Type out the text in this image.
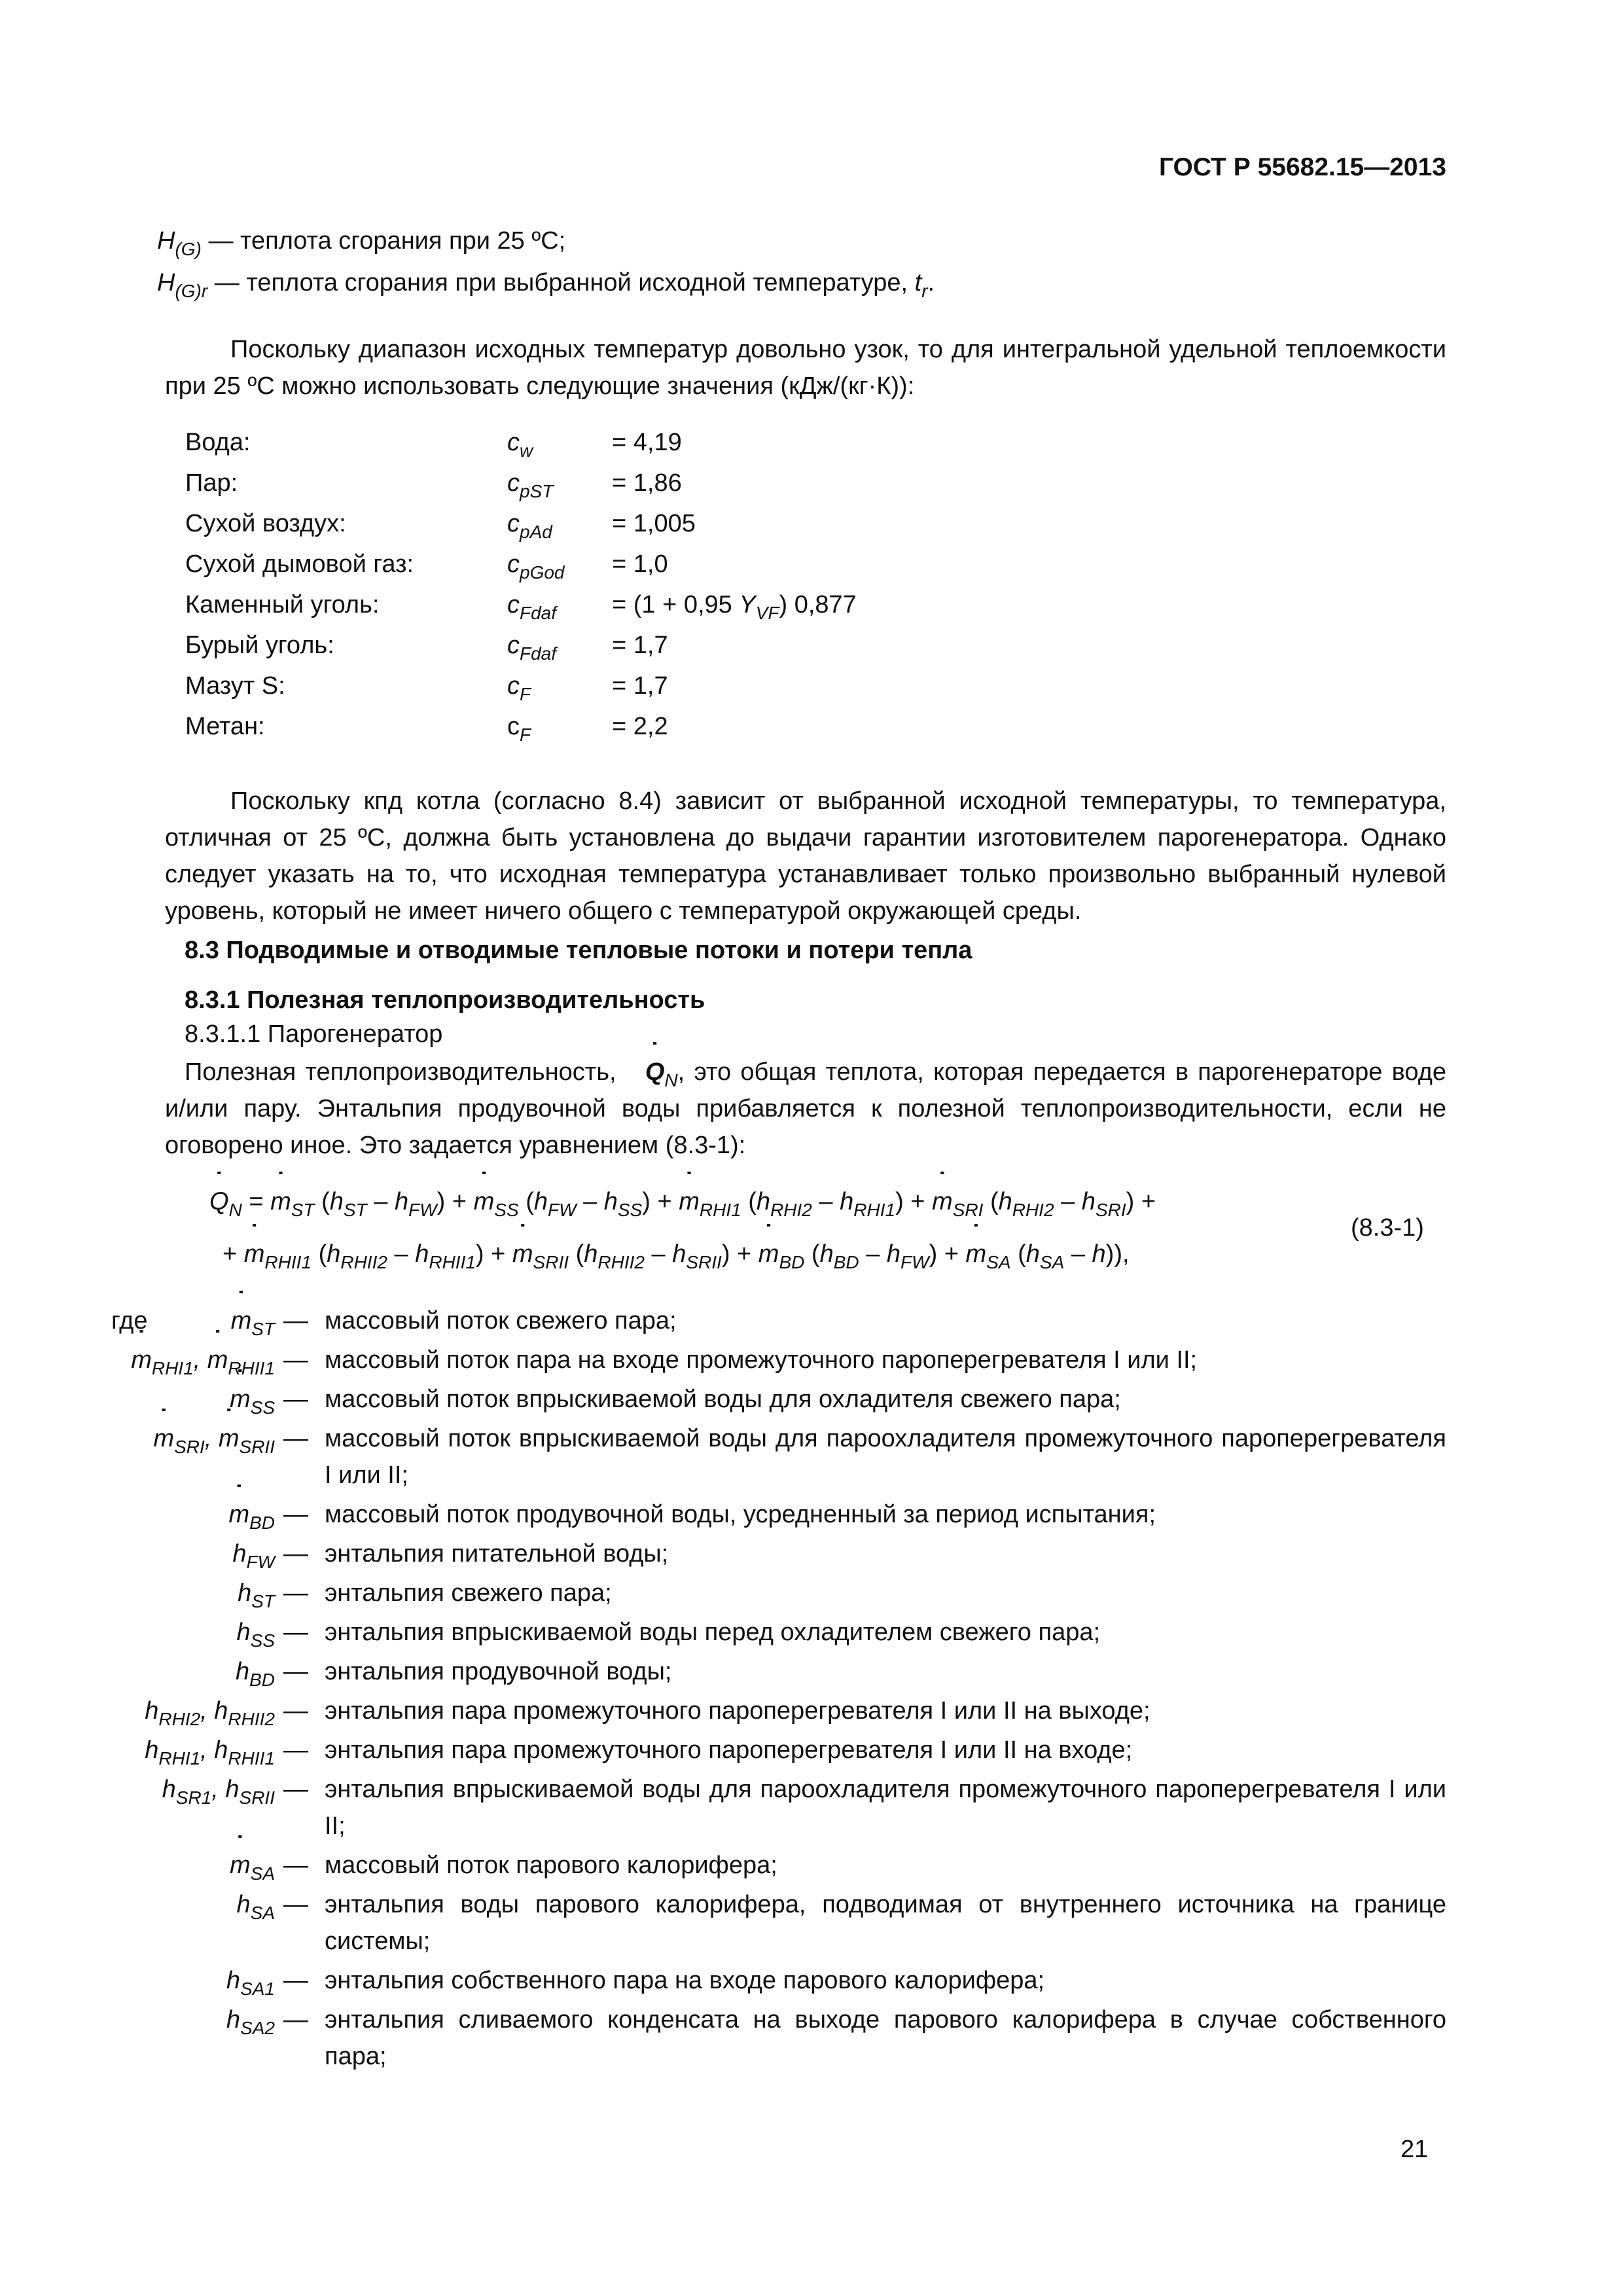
ГОСТ Р 55682.15—2013
$H_{(G)}$ — теплота сгорания при 25 ºС;
$H_{(G)r}$ — теплота сгорания при выбранной исходной температуре, $t_r$.
Поскольку диапазон исходных температур довольно узок, то для интегральной удельной теплоемкости при 25 ºС можно использовать следующие значения (кДж/(кг·К)):
Вода:	$c_w$	= 4,19
Пар:	$c_{pST} = 1,86$
Сухой воздух:	$c_{pAd} = 1,005$
Сухой дымовой газ:	$c_{pGod} = 1,0$
Каменный уголь:	$c_{Fdaf} = (1 + 0,95$ $Y_{VF}$) 0,877
Бурый уголь:	$c_{Fdaf} = 1,7$
Мазут S:	$c_F$	= 1,7
Метан:	$c_F$	= 2,2
Поскольку кпд котла (согласно 8.4) зависит от выбранной исходной температуры, то температура, отличная от 25 ºС, должна быть установлена до выдачи гарантии изготовителем парогенератора. Однако следует указать на то, что исходная температура устанавливает только произвольно выбранный нулевой уровень, который не имеет ничего общего с температурой окружающей среды.
8.3 Подводимые и отводимые тепловые потоки и потери тепла
8.3.1 Полезная теплопроизводительность
8.3.1.1 Парогенератор
Полезная теплопроизводительность, ˙ $Q_N$, это общая теплота, которая передается в парогенераторе воде и/или пару. Энтальпия продувочной воды прибавляется к полезной теплопроизводительности, если не оговорено иное. Это задается уравнением (8.3-1):
˙ $Q_N$ = ˙ $m_{ST}$ $(h_{ST} - h_{FW})$ + ˙ $m_{SS}$ $(h_{FW} - h_{SS})$ + ˙ $m_{RHI1}$ $(h_{RHI2} - h_{RHI1})$ + ˙ $m_{SRI}$ $(h_{RHI2} - h_{SRI})$ +
+ ˙ $m_{RHII1}$ $(h_{RHII2} - h_{RHII1})$ + ˙ $m_{SRII}$ $(h_{RHII2} - h_{SRII})$ + ˙ $m_{BD}$ $(h_{BD} - h_{FW})$ + ˙ $m_{SA}$ $(h_{SA} - h)$),
(8.3-1)
где	˙ $m_{ST}$ — массовый поток свежего пара;
˙ $m_{RHI1}$, ˙ $m_{RHII1}$ — массовый поток пара на входе промежуточного пароперегревателя I или II;
˙ $m_{SS}$ — массовый поток впрыскиваемой воды для охладителя свежего пара;
˙ $m_{SRI}$, ˙ $m_{SRII}$ — массовый поток впрыскиваемой воды для пароохладителя промежуточного пароперегревателя I или II;
˙ $m_{BD}$ — массовый поток продувочной воды, усредненный за период испытания;
$h_{FW}$ — энтальпия питательной воды;
$h_{ST}$ — энтальпия свежего пара;
$h_{SS}$ — энтальпия впрыскиваемой воды перед охладителем свежего пара;
$h_{BD}$ — энтальпия продувочной воды;
$h_{RHI2}$, $h_{RHII2}$ — энтальпия пара промежуточного пароперегревателя I или II на выходе;
$h_{RHI1}$, $h_{RHII1}$ — энтальпия пара промежуточного пароперегревателя I или II на входе;
$h_{SR1}$, $h_{SRII}$ — энтальпия впрыскиваемой воды для пароохладителя промежуточного пароперегревателя I или II;
˙ $m_{SA}$ — массовый поток парового калорифера;
$h_{SA}$ — энтальпия воды парового калорифера, подводимая от внутреннего источника на границе системы;
$h_{SA1}$ — энтальпия собственного пара на входе парового калорифера;
$h_{SA2}$ — энтальпия сливаемого конденсата на выходе парового калорифера в случае собственного пара;
21
